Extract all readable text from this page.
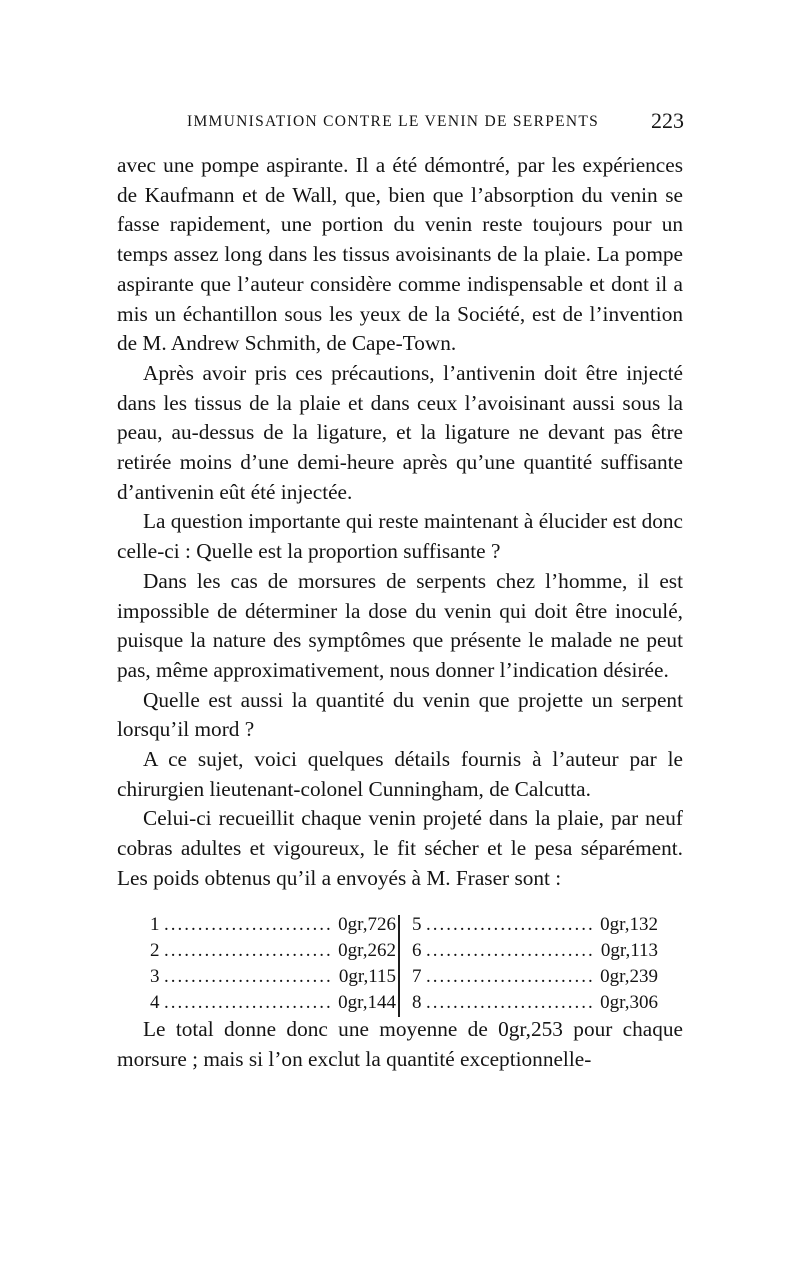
IMMUNISATION CONTRE LE VENIN DE SERPENTS 223

avec une pompe aspirante. Il a été démontré, par les expériences de Kaufmann et de Wall, que, bien que l’absorption du venin se fasse rapidement, une portion du venin reste toujours pour un temps assez long dans les tissus avoisinants de la plaie. La pompe aspirante que l’auteur considère comme indispensable et dont il a mis un échantillon sous les yeux de la Société, est de l’invention de M. Andrew Schmith, de Cape-Town.

Après avoir pris ces précautions, l’antivenin doit être injecté dans les tissus de la plaie et dans ceux l’avoisinant aussi sous la peau, au-dessus de la ligature, et la ligature ne devant pas être retirée moins d’une demi-heure après qu’une quantité suffisante d’antivenin eût été injectée.

La question importante qui reste maintenant à élucider est donc celle-ci : Quelle est la proportion suffisante ?

Dans les cas de morsures de serpents chez l’homme, il est impossible de déterminer la dose du venin qui doit être inoculé, puisque la nature des symptômes que présente le malade ne peut pas, même approximativement, nous donner l’indication désirée.

Quelle est aussi la quantité du venin que projette un serpent lorsqu’il mord ?

A ce sujet, voici quelques détails fournis à l’auteur par le chirurgien lieutenant-colonel Cunningham, de Calcutta.

Celui-ci recueillit chaque venin projeté dans la plaie, par neuf cobras adultes et vigoureux, le fit sécher et le pesa séparément. Les poids obtenus qu’il a envoyés à M. Fraser sont :

1 .....	0gr,726
2 .....	0gr,262
3 .....	0gr,115
4 .....	0gr,144
5 .....	0gr,132
6 .....	0gr,113
7 .....	0gr,239
8 .....	0gr,306

Le total donne donc une moyenne de 0gr,253 pour chaque morsure ; mais si l’on exclut la quantité exceptionnelle-
